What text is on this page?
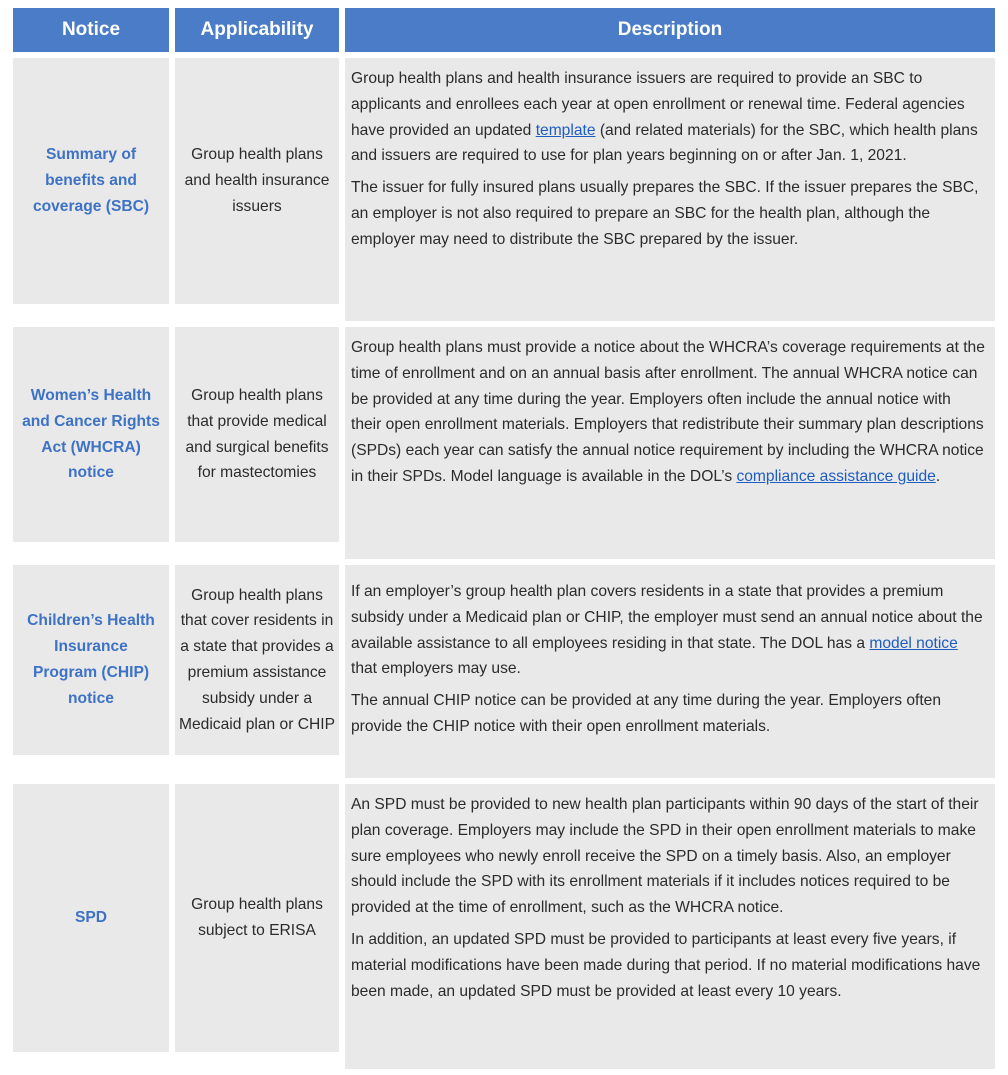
Notice	Applicability	Description
Summary of benefits and coverage (SBC)
Group health plans and health insurance issuers

Group health plans and health insurance issuers are required to provide an SBC to applicants and enrollees each year at open enrollment or renewal time. Federal agencies have provided an updated template (and related materials) for the SBC, which health plans and issuers are required to use for plan years beginning on or after Jan. 1, 2021.

The issuer for fully insured plans usually prepares the SBC. If the issuer prepares the SBC, an employer is not also required to prepare an SBC for the health plan, although the employer may need to distribute the SBC prepared by the issuer.

Women’s Health and Cancer Rights Act (WHCRA) notice
Group health plans that provide medical and surgical benefits for mastectomies

Group health plans must provide a notice about the WHCRA’s coverage requirements at the time of enrollment and on an annual basis after enrollment. The annual WHCRA notice can be provided at any time during the year. Employers often include the annual notice with their open enrollment materials. Employers that redistribute their summary plan descriptions (SPDs) each year can satisfy the annual notice requirement by including the WHCRA notice in their SPDs. Model language is available in the DOL’s compliance assistance guide.

Children’s Health Insurance Program (CHIP) notice
Group health plans that cover residents in a state that provides a premium assistance subsidy under a Medicaid plan or CHIP

If an employer’s group health plan covers residents in a state that provides a premium subsidy under a Medicaid plan or CHIP, the employer must send an annual notice about the available assistance to all employees residing in that state. The DOL has a model notice that employers may use.

The annual CHIP notice can be provided at any time during the year. Employers often provide the CHIP notice with their open enrollment materials.

SPD
Group health plans subject to ERISA

An SPD must be provided to new health plan participants within 90 days of the start of their plan coverage. Employers may include the SPD in their open enrollment materials to make sure employees who newly enroll receive the SPD on a timely basis. Also, an employer should include the SPD with its enrollment materials if it includes notices required to be provided at the time of enrollment, such as the WHCRA notice.

In addition, an updated SPD must be provided to participants at least every five years, if material modifications have been made during that period. If no material modifications have been made, an updated SPD must be provided at least every 10 years.
